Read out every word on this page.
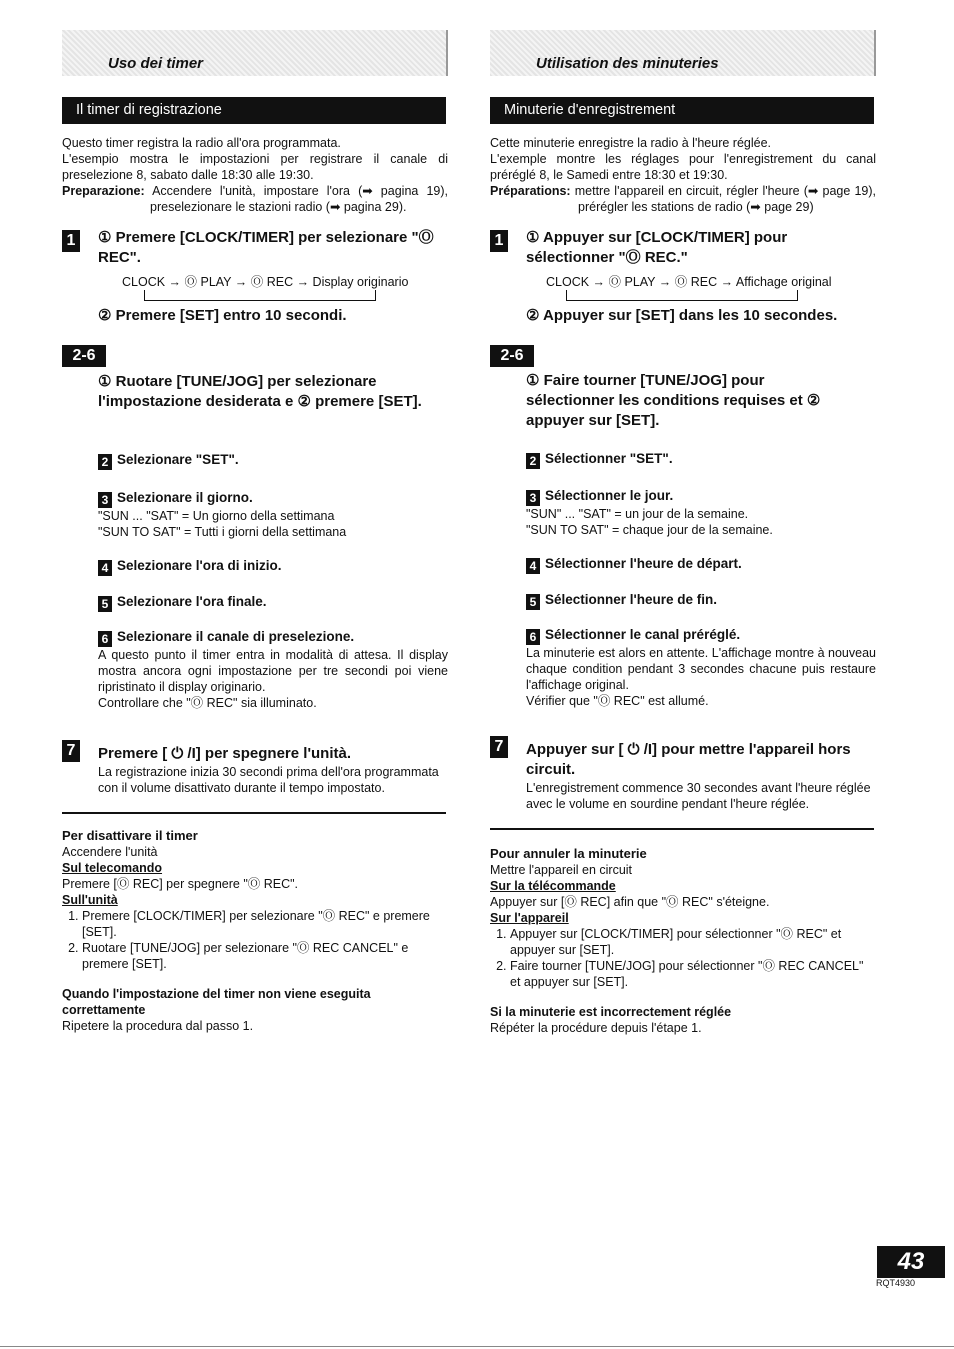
Uso dei timer
Il timer di registrazione

Questo timer registra la radio all'ora programmata.

L'esempio mostra le impostazioni per registrare il canale di preselezione 8, sabato dalle 18:30 alle 19:30.

Preparazione: Accendere l'unità, impostare l'ora (➡ pagina 19), preselezionare le stazioni radio (➡ pagina 29).

1	① Premere [CLOCK/TIMER] per selezionare "Ⓞ REC".

CLOCK → Ⓞ PLAY → Ⓞ REC → Display originario

② Premere [SET] entro 10 secondi.

2-6

① Ruotare [TUNE/JOG] per selezionare l'impostazione desiderata e ② premere [SET].

2 Selezionare "SET".

3 Selezionare il giorno.

"SUN ... "SAT" = Un giorno della settimana

"SUN TO SAT" = Tutti i giorni della settimana

4 Selezionare l'ora di inizio.

5 Selezionare l'ora finale.

6 Selezionare il canale di preselezione.

A questo punto il timer entra in modalità di attesa. Il display mostra ancora ogni impostazione per tre secondi poi viene ripristinato il display originario.

Controllare che "Ⓞ REC" sia illuminato.

7	Premere [ ⏻ /I] per spegnere l'unità.

La registrazione inizia 30 secondi prima dell'ora programmata con il volume disattivato durante il tempo impostato.

Per disattivare il timer

Accendere l'unità

Sul telecomando

Premere [Ⓞ REC] per spegnere "Ⓞ REC".

Sull'unità

1. Premere [CLOCK/TIMER] per selezionare "Ⓞ REC" e premere [SET].
2. Ruotare [TUNE/JOG] per selezionare "Ⓞ REC CANCEL" e premere [SET].

Quando l'impostazione del timer non viene eseguita correttamente

Ripetere la procedura dal passo 1.

Utilisation des minuteries
Minuterie d'enregistrement

Cette minuterie enregistre la radio à l'heure réglée.

L'exemple montre les réglages pour l'enregistrement du canal préréglé 8, le Samedi entre 18:30 et 19:30.

Préparations: mettre l'appareil en circuit, régler l'heure (➡ page 19), prérégler les stations de radio (➡ page 29)

1	① Appuyer sur [CLOCK/TIMER] pour sélectionner "Ⓞ REC."

CLOCK → Ⓞ PLAY → Ⓞ REC → Affichage original

② Appuyer sur [SET] dans les 10 secondes.

2-6

① Faire tourner [TUNE/JOG] pour sélectionner les conditions requises et ② appuyer sur [SET].

2 Sélectionner "SET".

3 Sélectionner le jour.

"SUN" ... "SAT" = un jour de la semaine.

"SUN TO SAT" = chaque jour de la semaine.

4 Sélectionner l'heure de départ.

5 Sélectionner l'heure de fin.

6 Sélectionner le canal préréglé.

La minuterie est alors en attente. L'affichage montre à nouveau chaque condition pendant 3 secondes chacune puis restaure l'affichage original.

Vérifier que "Ⓞ REC" est allumé.

7	Appuyer sur [ ⏻ /I] pour mettre l'appareil hors circuit.

L'enregistrement commence 30 secondes avant l'heure réglée avec le volume en sourdine pendant l'heure réglée.

Pour annuler la minuterie

Mettre l'appareil en circuit

Sur la télécommande

Appuyer sur [Ⓞ REC] afin que "Ⓞ REC" s'éteigne.

Sur l'appareil

1. Appuyer sur [CLOCK/TIMER] pour sélectionner "Ⓞ REC" et appuyer sur [SET].
2. Faire tourner [TUNE/JOG] pour sélectionner "Ⓞ REC CANCEL" et appuyer sur [SET].

Si la minuterie est incorrectement réglée

Répéter la procédure depuis l'étape 1.

43
RQT4930
